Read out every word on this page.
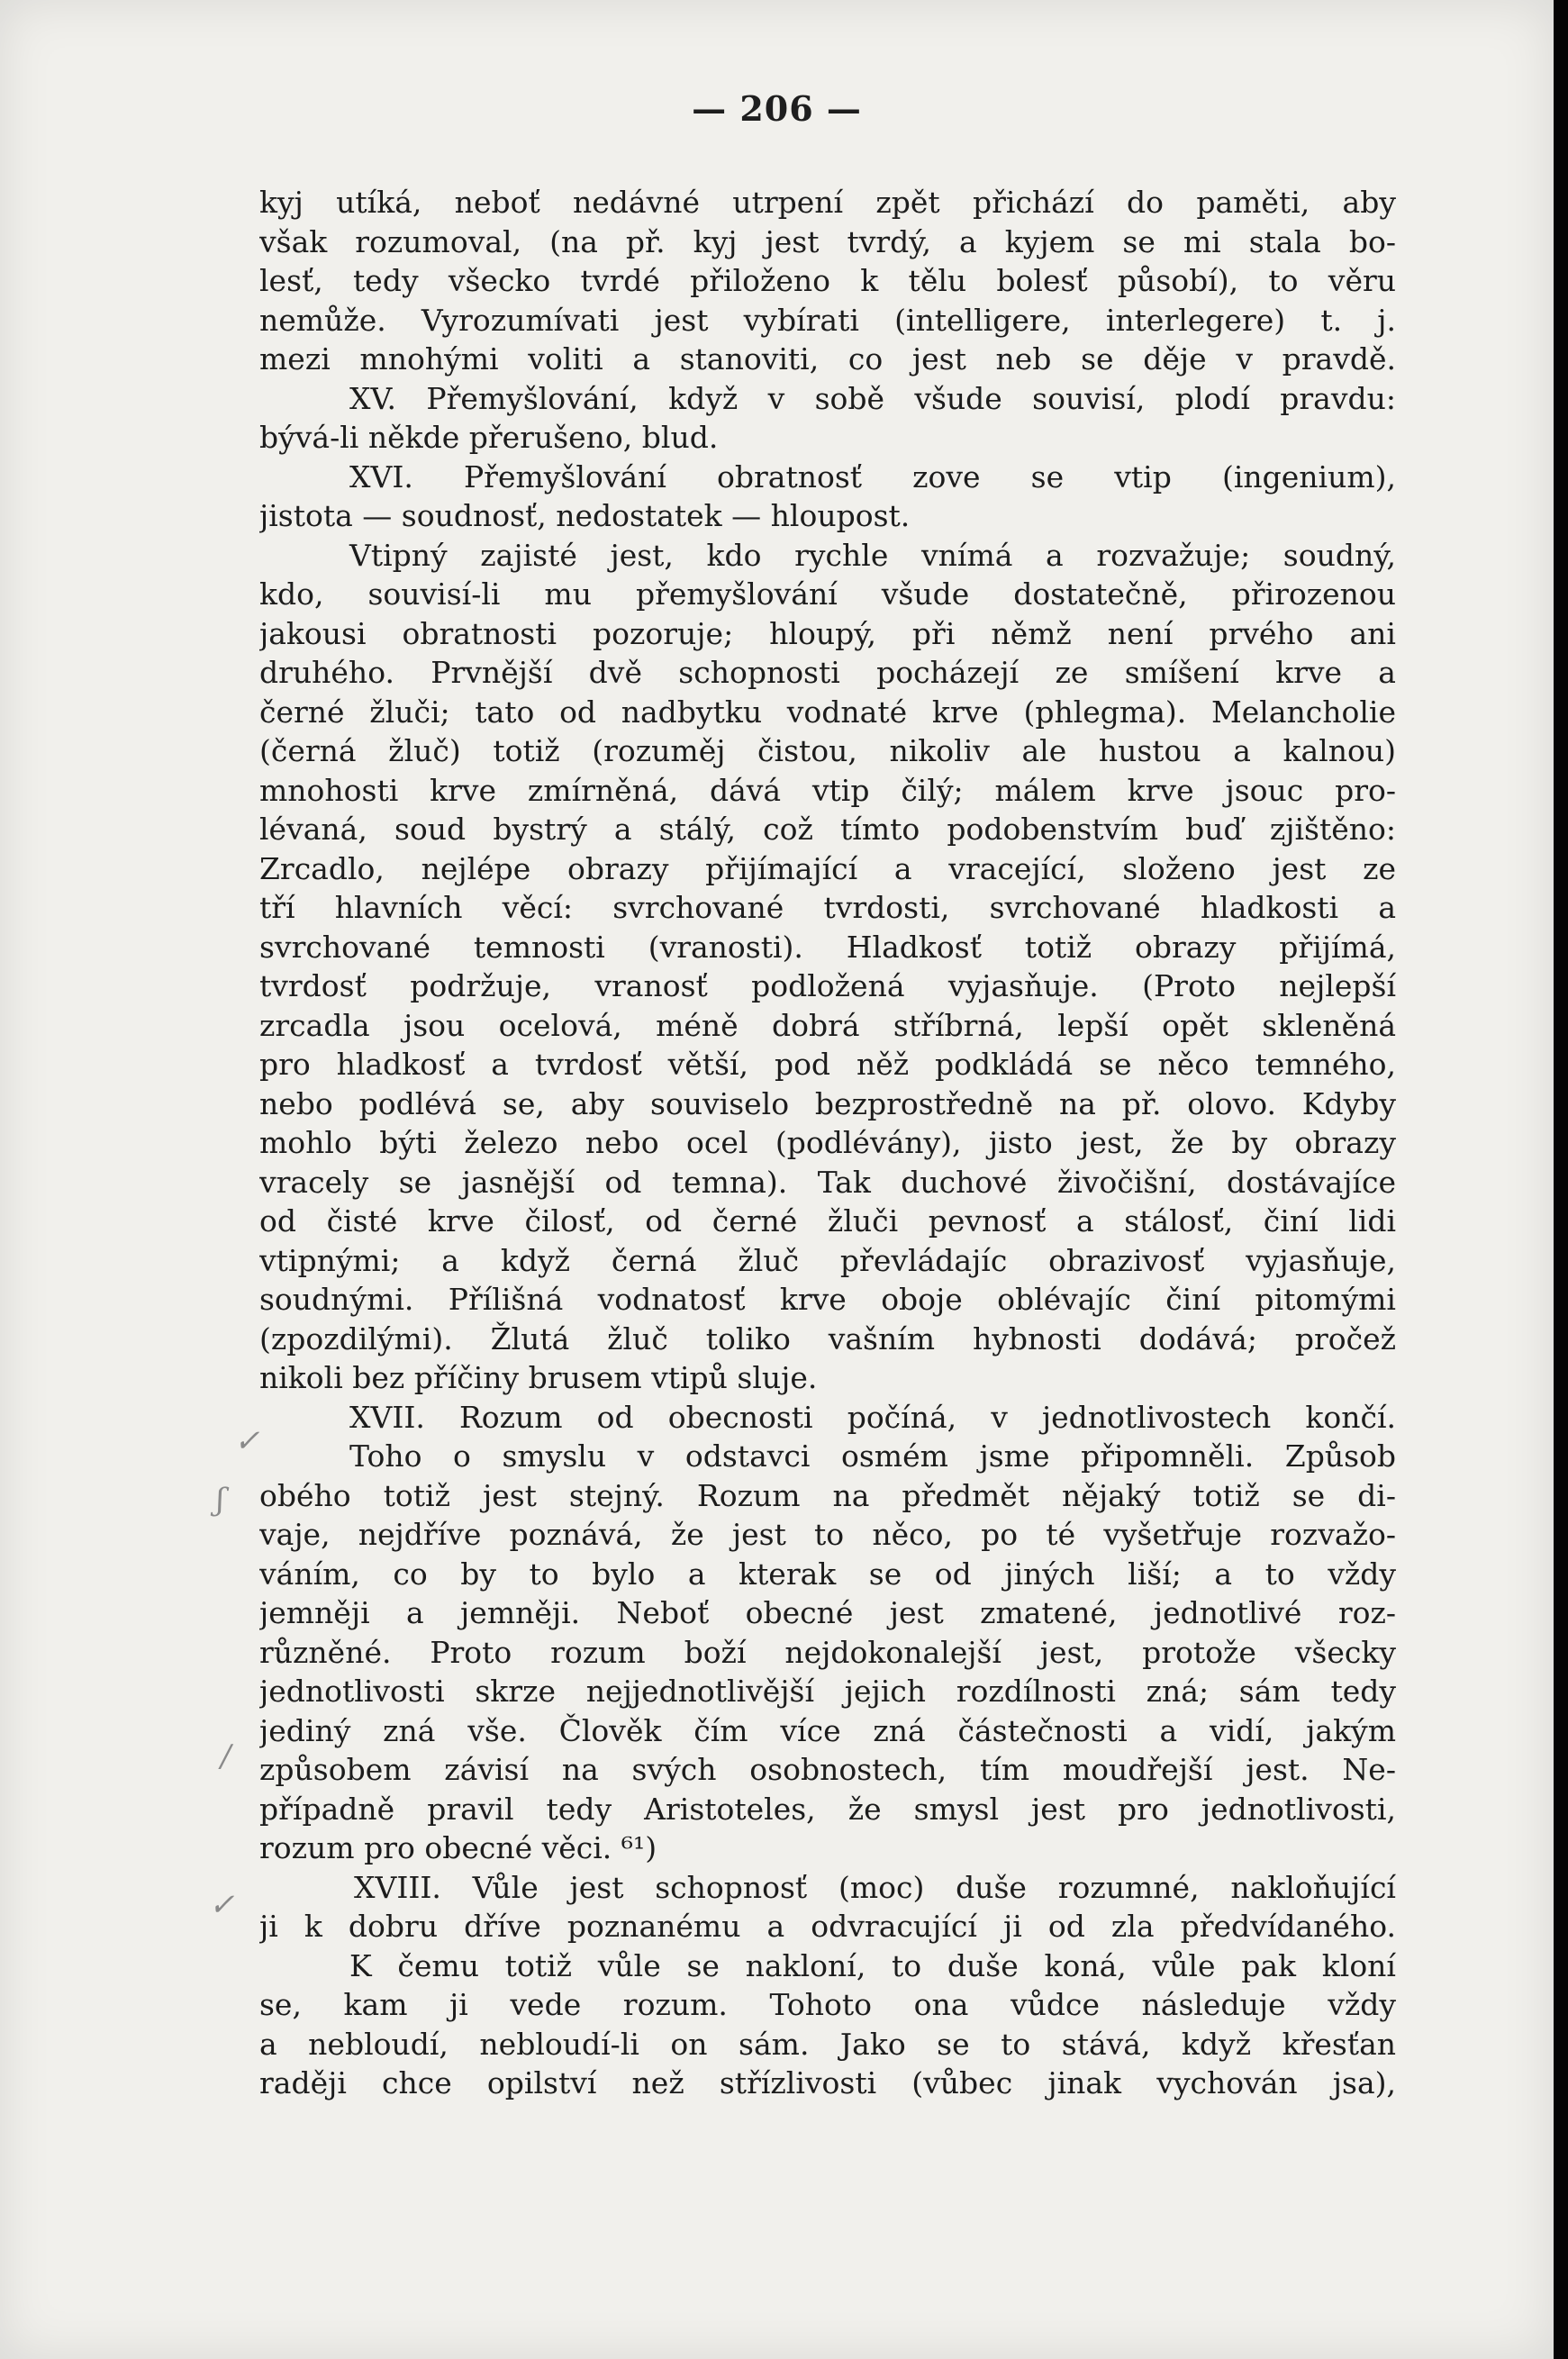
— 206 —
kyj utíká, neboť nedávné utrpení zpět přichází do paměti, aby
však rozumoval, (na př. kyj jest tvrdý, a kyjem se mi stala bo-
lesť, tedy všecko tvrdé přiloženo k tělu bolesť působí), to věru
nemůže. Vyrozumívati jest vybírati (intelligere, interlegere) t. j.
mezi mnohými voliti a stanoviti, co jest neb se děje v pravdě.
XV. Přemyšlování, když v sobě všude souvisí, plodí pravdu:
bývá-li někde přerušeno, blud.
XVI. Přemyšlování obratnosť zove se vtip (ingenium),
jistota — soudnosť, nedostatek — hloupost.
Vtipný zajisté jest, kdo rychle vnímá a rozvažuje; soudný,
kdo, souvisí-li mu přemyšlování všude dostatečně, přirozenou
jakousi obratnosti pozoruje; hloupý, při němž není prvého ani
druhého. Prvnější dvě schopnosti pocházejí ze smíšení krve a
černé žluči; tato od nadbytku vodnaté krve (phlegma). Melancholie
(černá žluč) totiž (rozuměj čistou, nikoliv ale hustou a kalnou)
mnohosti krve zmírněná, dává vtip čilý; málem krve jsouc pro-
lévaná, soud bystrý a stálý, což tímto podobenstvím buď zjištěno:
Zrcadlo, nejlépe obrazy přijímající a vracející, složeno jest ze
tří hlavních věcí: svrchované tvrdosti, svrchované hladkosti a
svrchované temnosti (vranosti). Hladkosť totiž obrazy přijímá,
tvrdosť podržuje, vranosť podložená vyjasňuje. (Proto nejlepší
zrcadla jsou ocelová, méně dobrá stříbrná, lepší opět skleněná
pro hladkosť a tvrdosť větší, pod něž podkládá se něco temného,
nebo podlévá se, aby souviselo bezprostředně na př. olovo. Kdyby
mohlo býti železo nebo ocel (podlévány), jisto jest, že by obrazy
vracely se jasnější od temna). Tak duchové živočišní, dostávajíce
od čisté krve čilosť, od černé žluči pevnosť a stálosť, činí lidi
vtipnými; a když černá žluč převládajíc obrazivosť vyjasňuje,
soudnými. Přílišná vodnatosť krve oboje oblévajíc činí pitomými
(zpozdilými). Žlutá žluč toliko vašním hybnosti dodává; pročež
nikoli bez příčiny brusem vtipů sluje.
XVII. Rozum od obecnosti počíná, v jednotlivostech končí.
Toho o smyslu v odstavci osmém jsme připomněli. Způsob
obého totiž jest stejný. Rozum na předmět nějaký totiž se di-
vaje, nejdříve poznává, že jest to něco, po té vyšetřuje rozvažo-
váním, co by to bylo a kterak se od jiných liší; a to vždy
jemněji a jemněji. Neboť obecné jest zmatené, jednotlivé roz-
různěné. Proto rozum boží nejdokonalejší jest, protože všecky
jednotlivosti skrze nejjednotlivější jejich rozdílnosti zná; sám tedy
jediný zná vše. Člověk čím více zná částečnosti a vidí, jakým
způsobem závisí na svých osobnostech, tím moudřejší jest. Ne-
případně pravil tedy Aristoteles, že smysl jest pro jednotlivosti,
rozum pro obecné věci. ⁶¹)
XVIII. Vůle jest schopnosť (moc) duše rozumné, nakloňující
ji k dobru dříve poznanému a odvracující ji od zla předvídaného.
K čemu totiž vůle se nakloní, to duše koná, vůle pak kloní
se, kam ji vede rozum. Tohoto ona vůdce následuje vždy
a nebloudí, nebloudí-li on sám. Jako se to stává, když křesťan
raději chce opilství než střízlivosti (vůbec jinak vychován jsa),
✓
ʃ
/
✓
